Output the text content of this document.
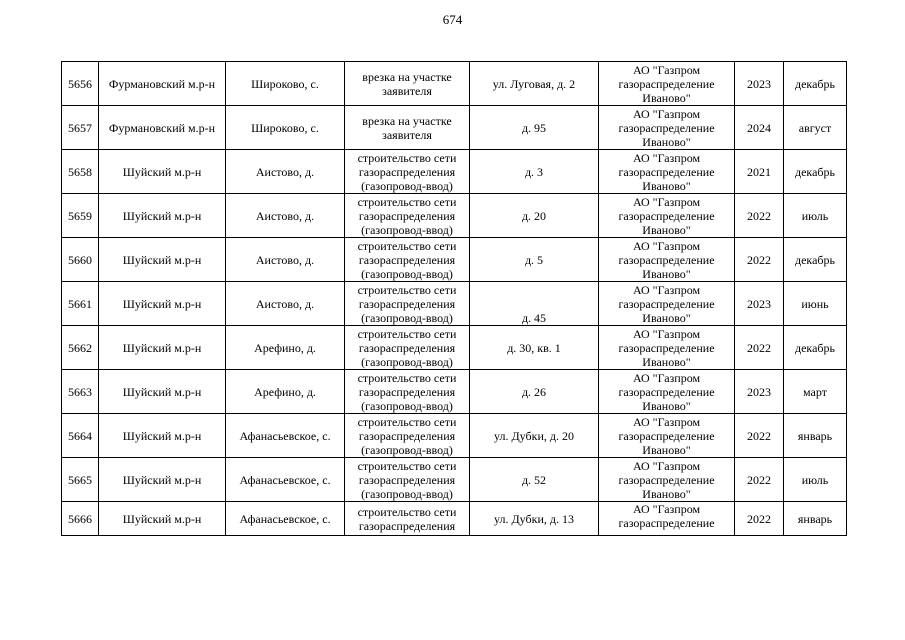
674
5656	Фурмановский м.р-н	Широково, с.	врезка на участке
заявителя	ул. Луговая, д. 2	АО "Газпром
газораспределение
Иваново"	2023	декабрь
5657	Фурмановский м.р-н	Широково, с.	врезка на участке
заявителя	д. 95	АО "Газпром
газораспределение
Иваново"	2024	август
5658	Шуйский м.р-н	Аистово, д.	строительство сети
газораспределения
(газопровод-ввод)	д. 3	АО "Газпром
газораспределение
Иваново"	2021	декабрь
5659	Шуйский м.р-н	Аистово, д.	строительство сети
газораспределения
(газопровод-ввод)	д. 20	АО "Газпром
газораспределение
Иваново"	2022	июль
5660	Шуйский м.р-н	Аистово, д.	строительство сети
газораспределения
(газопровод-ввод)	д. 5	АО "Газпром
газораспределение
Иваново"	2022	декабрь
5661	Шуйский м.р-н	Аистово, д.	строительство сети
газораспределения
(газопровод-ввод)	д. 45	АО "Газпром
газораспределение
Иваново"	2023	июнь
5662	Шуйский м.р-н	Арефино, д.	строительство сети
газораспределения
(газопровод-ввод)	д. 30, кв. 1	АО "Газпром
газораспределение
Иваново"	2022	декабрь
5663	Шуйский м.р-н	Арефино, д.	строительство сети
газораспределения
(газопровод-ввод)	д. 26	АО "Газпром
газораспределение
Иваново"	2023	март
5664	Шуйский м.р-н	Афанасьевское, с.	строительство сети
газораспределения
(газопровод-ввод)	ул. Дубки, д. 20	АО "Газпром
газораспределение
Иваново"	2022	январь
5665	Шуйский м.р-н	Афанасьевское, с.	строительство сети
газораспределения
(газопровод-ввод)	д. 52	АО "Газпром
газораспределение
Иваново"	2022	июль
5666	Шуйский м.р-н	Афанасьевское, с.	строительство сети
газораспределения	ул. Дубки, д. 13	АО "Газпром
газораспределение	2022	январь
